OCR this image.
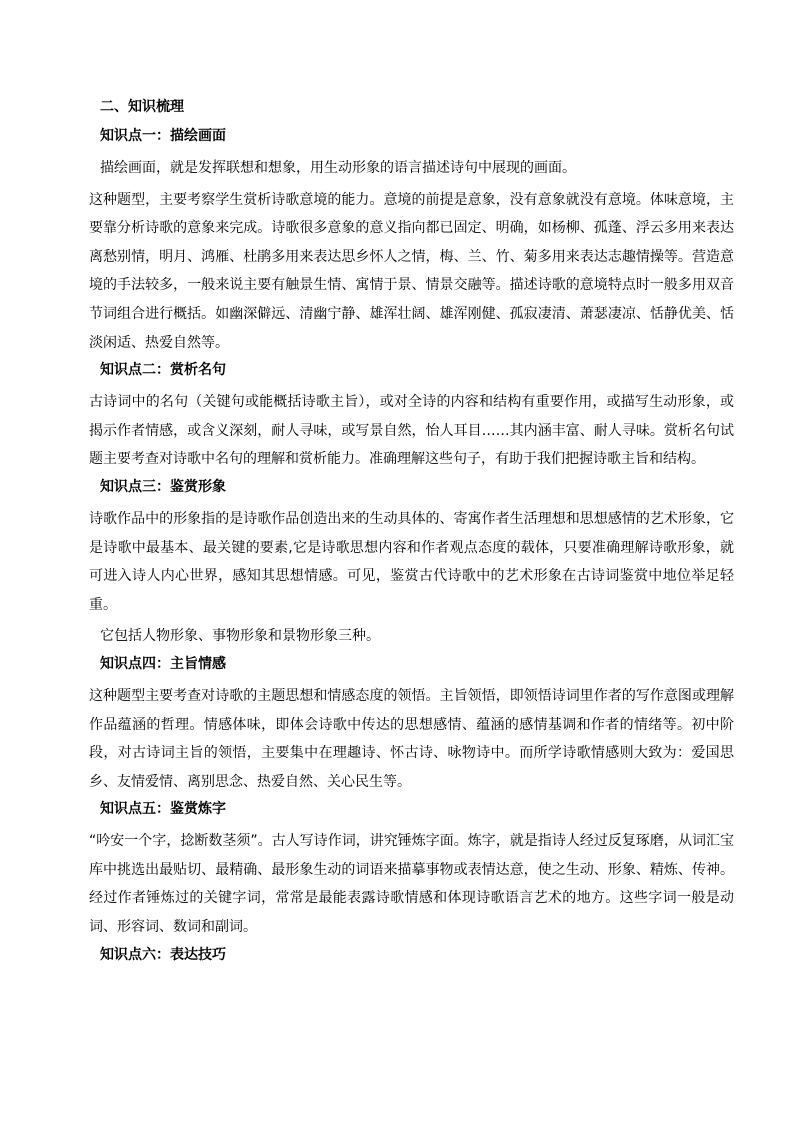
二、知识梳理
知识点一：描绘画面

描绘画面，就是发挥联想和想象，用生动形象的语言描述诗句中展现的画面。

这种题型，主要考察学生赏析诗歌意境的能力。意境的前提是意象，没有意象就没有意境。体味意境，主要靠分析诗歌的意象来完成。诗歌很多意象的意义指向都已固定、明确，如杨柳、孤蓬、浮云多用来表达离愁别情，明月、鸿雁、杜鹃多用来表达思乡怀人之情，梅、兰、竹、菊多用来表达志趣情操等。营造意境的手法较多，一般来说主要有触景生情、寓情于景、情景交融等。描述诗歌的意境特点时一般多用双音节词组合进行概括。如幽深僻远、清幽宁静、雄浑壮阔、雄浑刚健、孤寂凄清、萧瑟凄凉、恬静优美、恬淡闲适、热爱自然等。

知识点二：赏析名句

古诗词中的名句（关键句或能概括诗歌主旨），或对全诗的内容和结构有重要作用，或描写生动形象，或揭示作者情感，或含义深刻，耐人寻味，或写景自然，怡人耳目……其内涵丰富、耐人寻味。赏析名句试题主要考查对诗歌中名句的理解和赏析能力。准确理解这些句子，有助于我们把握诗歌主旨和结构。

知识点三：鉴赏形象

诗歌作品中的形象指的是诗歌作品创造出来的生动具体的、寄寓作者生活理想和思想感情的艺术形象，它是诗歌中最基本、最关键的要素,它是诗歌思想内容和作者观点态度的载体，只要准确理解诗歌形象，就可进入诗人内心世界，感知其思想情感。可见，鉴赏古代诗歌中的艺术形象在古诗词鉴赏中地位举足轻重。

它包括人物形象、事物形象和景物形象三种。

知识点四：主旨情感

这种题型主要考查对诗歌的主题思想和情感态度的领悟。主旨领悟，即领悟诗词里作者的写作意图或理解作品蕴涵的哲理。情感体味，即体会诗歌中传达的思想感情、蕴涵的感情基调和作者的情绪等。初中阶段，对古诗词主旨的领悟，主要集中在理趣诗、怀古诗、咏物诗中。而所学诗歌情感则大致为：爱国思乡、友情爱情、离别思念、热爱自然、关心民生等。

知识点五：鉴赏炼字

“吟安一个字，捻断数茎须”。古人写诗作词，讲究锤炼字面。炼字，就是指诗人经过反复琢磨，从词汇宝库中挑选出最贴切、最精确、最形象生动的词语来描摹事物或表情达意，使之生动、形象、精炼、传神。经过作者锤炼过的关键字词，常常是最能表露诗歌情感和体现诗歌语言艺术的地方。这些字词一般是动词、形容词、数词和副词。

知识点六：表达技巧
